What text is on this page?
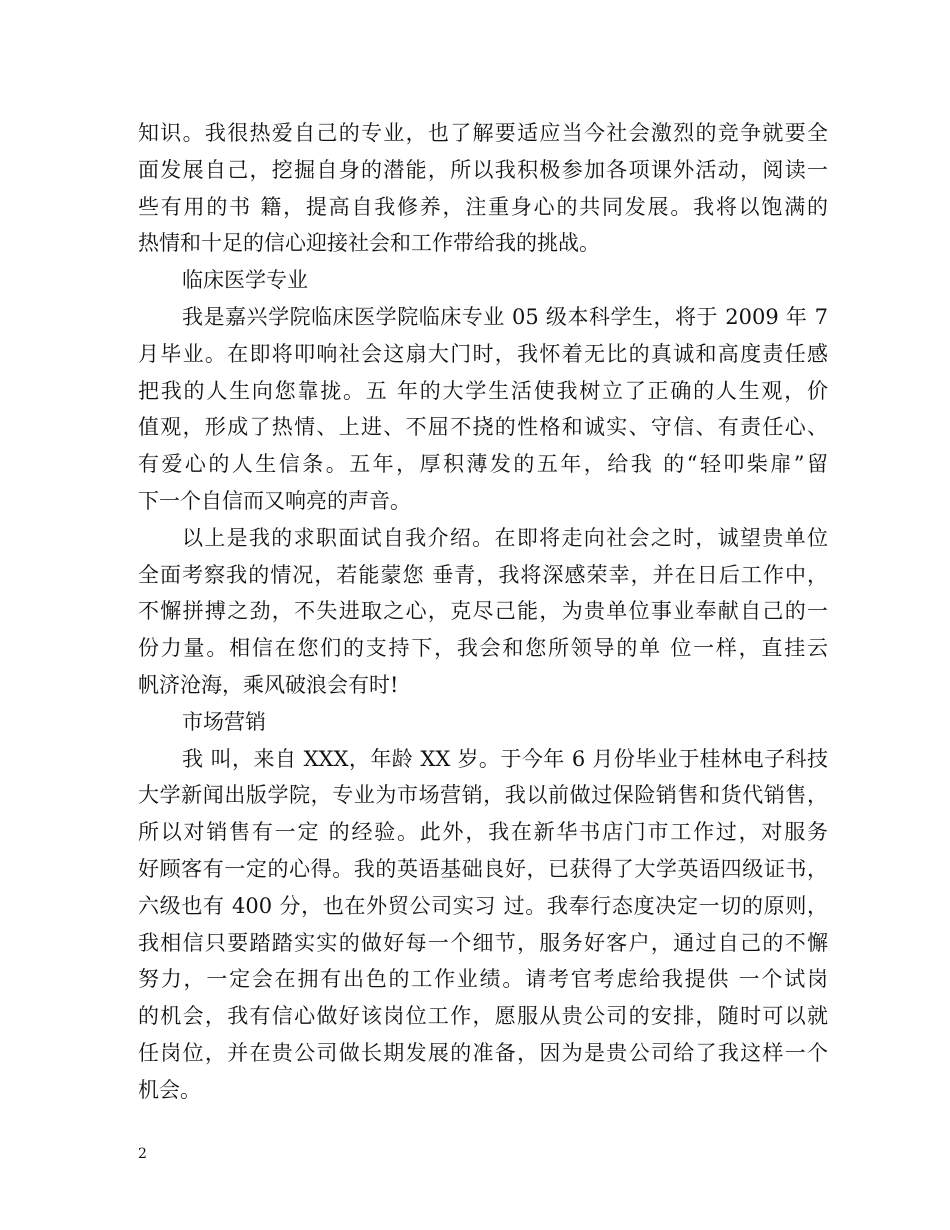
知识。我很热爱自己的专业，也了解要适应当今社会激烈的竞争就要全
面发展自己，挖掘自身的潜能，所以我积极参加各项课外活动，阅读一
些有用的书 籍，提高自我修养，注重身心的共同发展。我将以饱满的
热情和十足的信心迎接社会和工作带给我的挑战。
临床医学专业
我是嘉兴学院临床医学院临床专业 05 级本科学生，将于 2009 年 7
月毕业。在即将叩响社会这扇大门时，我怀着无比的真诚和高度责任感
把我的人生向您靠拢。五 年的大学生活使我树立了正确的人生观，价
值观，形成了热情、上进、不屈不挠的性格和诚实、守信、有责任心、
有爱心的人生信条。五年，厚积薄发的五年，给我 的“轻叩柴扉”留
下一个自信而又响亮的声音。
以上是我的求职面试自我介绍。在即将走向社会之时，诚望贵单位
全面考察我的情况，若能蒙您 垂青，我将深感荣幸，并在日后工作中，
不懈拼搏之劲，不失进取之心，克尽己能，为贵单位事业奉献自己的一
份力量。相信在您们的支持下，我会和您所领导的单 位一样，直挂云
帆济沧海，乘风破浪会有时!
市场营销
我 叫，来自 XXX，年龄 XX 岁。于今年 6 月份毕业于桂林电子科技
大学新闻出版学院，专业为市场营销，我以前做过保险销售和货代销售，
所以对销售有一定 的经验。此外，我在新华书店门市工作过，对服务
好顾客有一定的心得。我的英语基础良好，已获得了大学英语四级证书，
六级也有 400 分，也在外贸公司实习 过。我奉行态度决定一切的原则，
我相信只要踏踏实实的做好每一个细节，服务好客户，通过自己的不懈
努力，一定会在拥有出色的工作业绩。请考官考虑给我提供 一个试岗
的机会，我有信心做好该岗位工作，愿服从贵公司的安排，随时可以就
任岗位，并在贵公司做长期发展的准备，因为是贵公司给了我这样一个
机会。
2
